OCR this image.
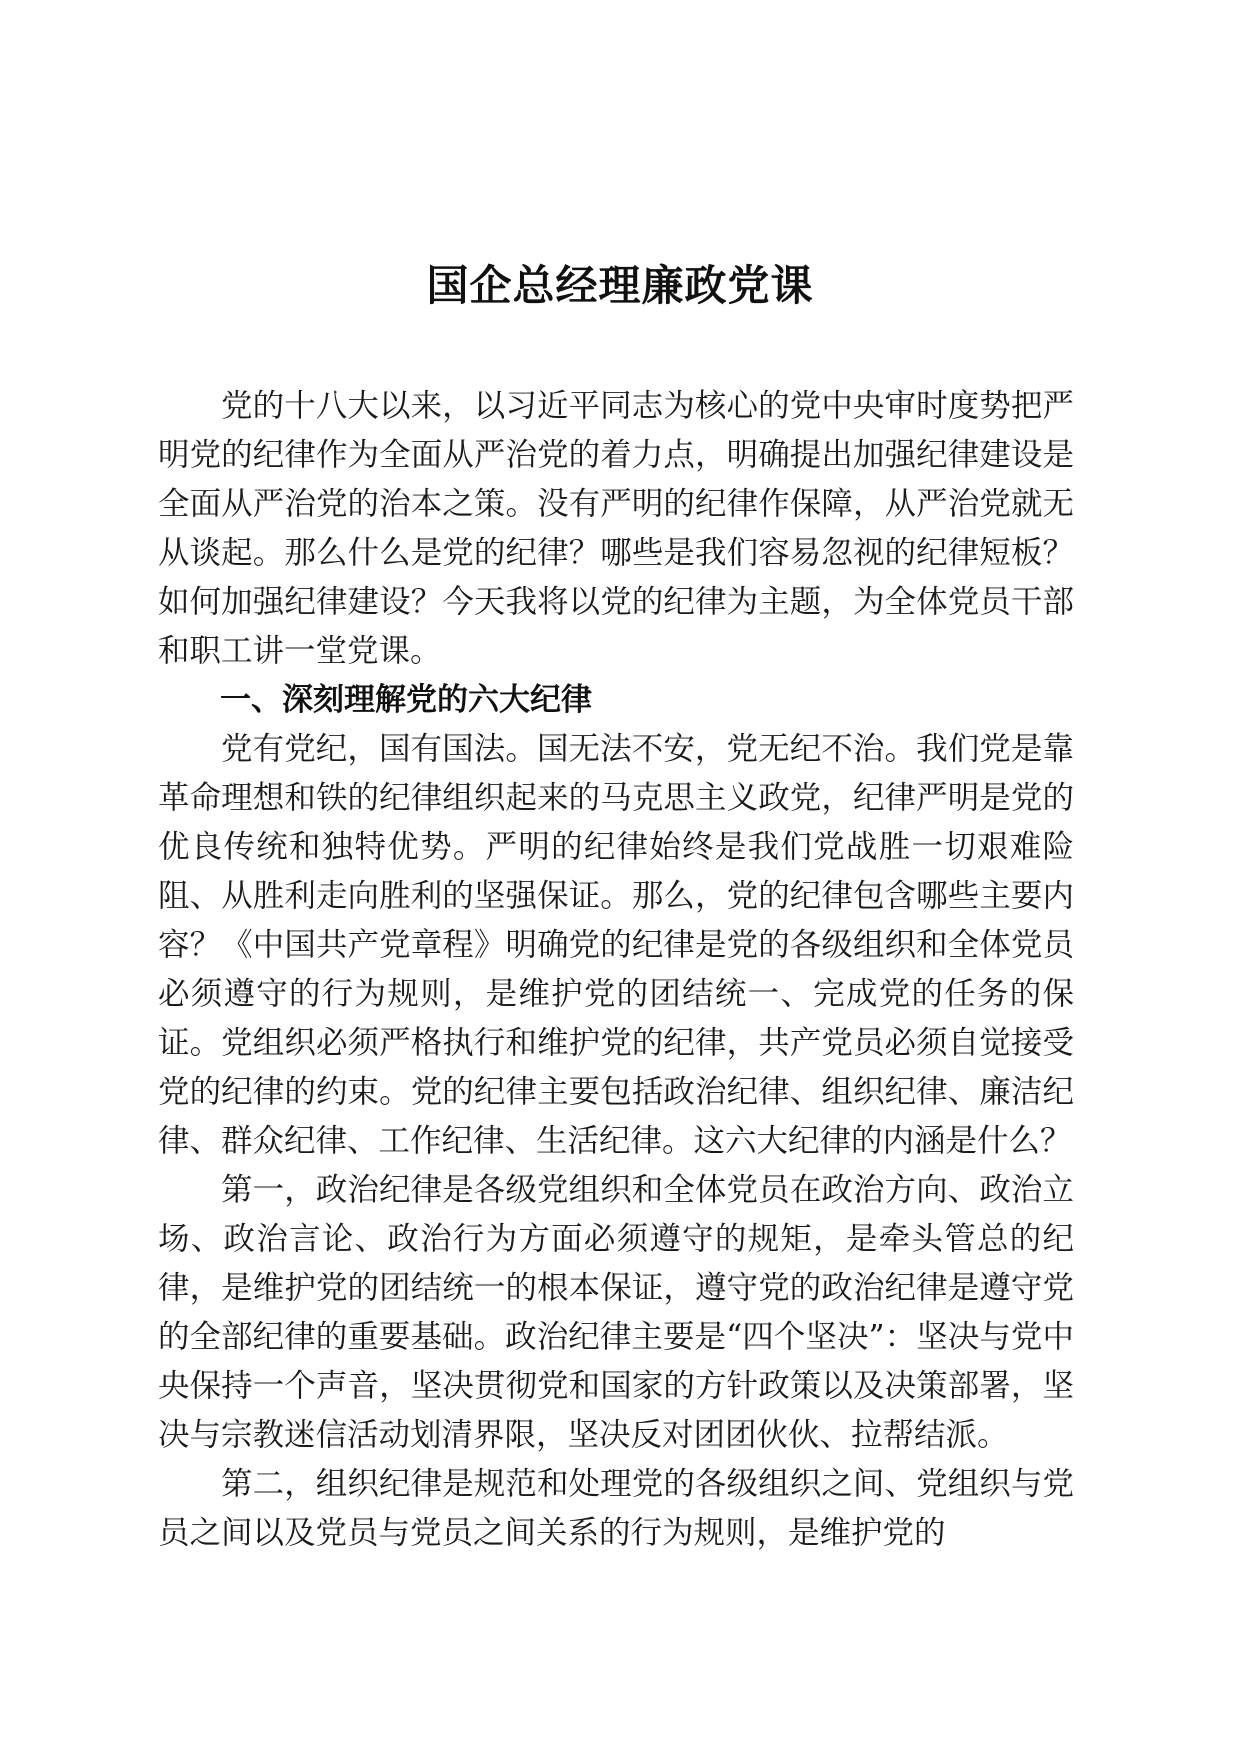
国企总经理廉政党课

党的十八大以来，以习近平同志为核心的党中央审时度势把严明党的纪律作为全面从严治党的着力点，明确提出加强纪律建设是全面从严治党的治本之策。没有严明的纪律作保障，从严治党就无从谈起。那么什么是党的纪律？哪些是我们容易忽视的纪律短板？如何加强纪律建设？今天我将以党的纪律为主题，为全体党员干部和职工讲一堂党课。

一、深刻理解党的六大纪律

党有党纪，国有国法。国无法不安，党无纪不治。我们党是靠革命理想和铁的纪律组织起来的马克思主义政党，纪律严明是党的优良传统和独特优势。严明的纪律始终是我们党战胜一切艰难险阻、从胜利走向胜利的坚强保证。那么，党的纪律包含哪些主要内容？《中国共产党章程》明确党的纪律是党的各级组织和全体党员必须遵守的行为规则，是维护党的团结统一、完成党的任务的保证。党组织必须严格执行和维护党的纪律，共产党员必须自觉接受党的纪律的约束。党的纪律主要包括政治纪律、组织纪律、廉洁纪律、群众纪律、工作纪律、生活纪律。这六大纪律的内涵是什么？

第一，政治纪律是各级党组织和全体党员在政治方向、政治立场、政治言论、政治行为方面必须遵守的规矩，是牵头管总的纪律，是维护党的团结统一的根本保证，遵守党的政治纪律是遵守党的全部纪律的重要基础。政治纪律主要是“四个坚决”：坚决与党中央保持一个声音，坚决贯彻党和国家的方针政策以及决策部署，坚决与宗教迷信活动划清界限，坚决反对团团伙伙、拉帮结派。

第二，组织纪律是规范和处理党的各级组织之间、党组织与党员之间以及党员与党员之间关系的行为规则，是维护党的
